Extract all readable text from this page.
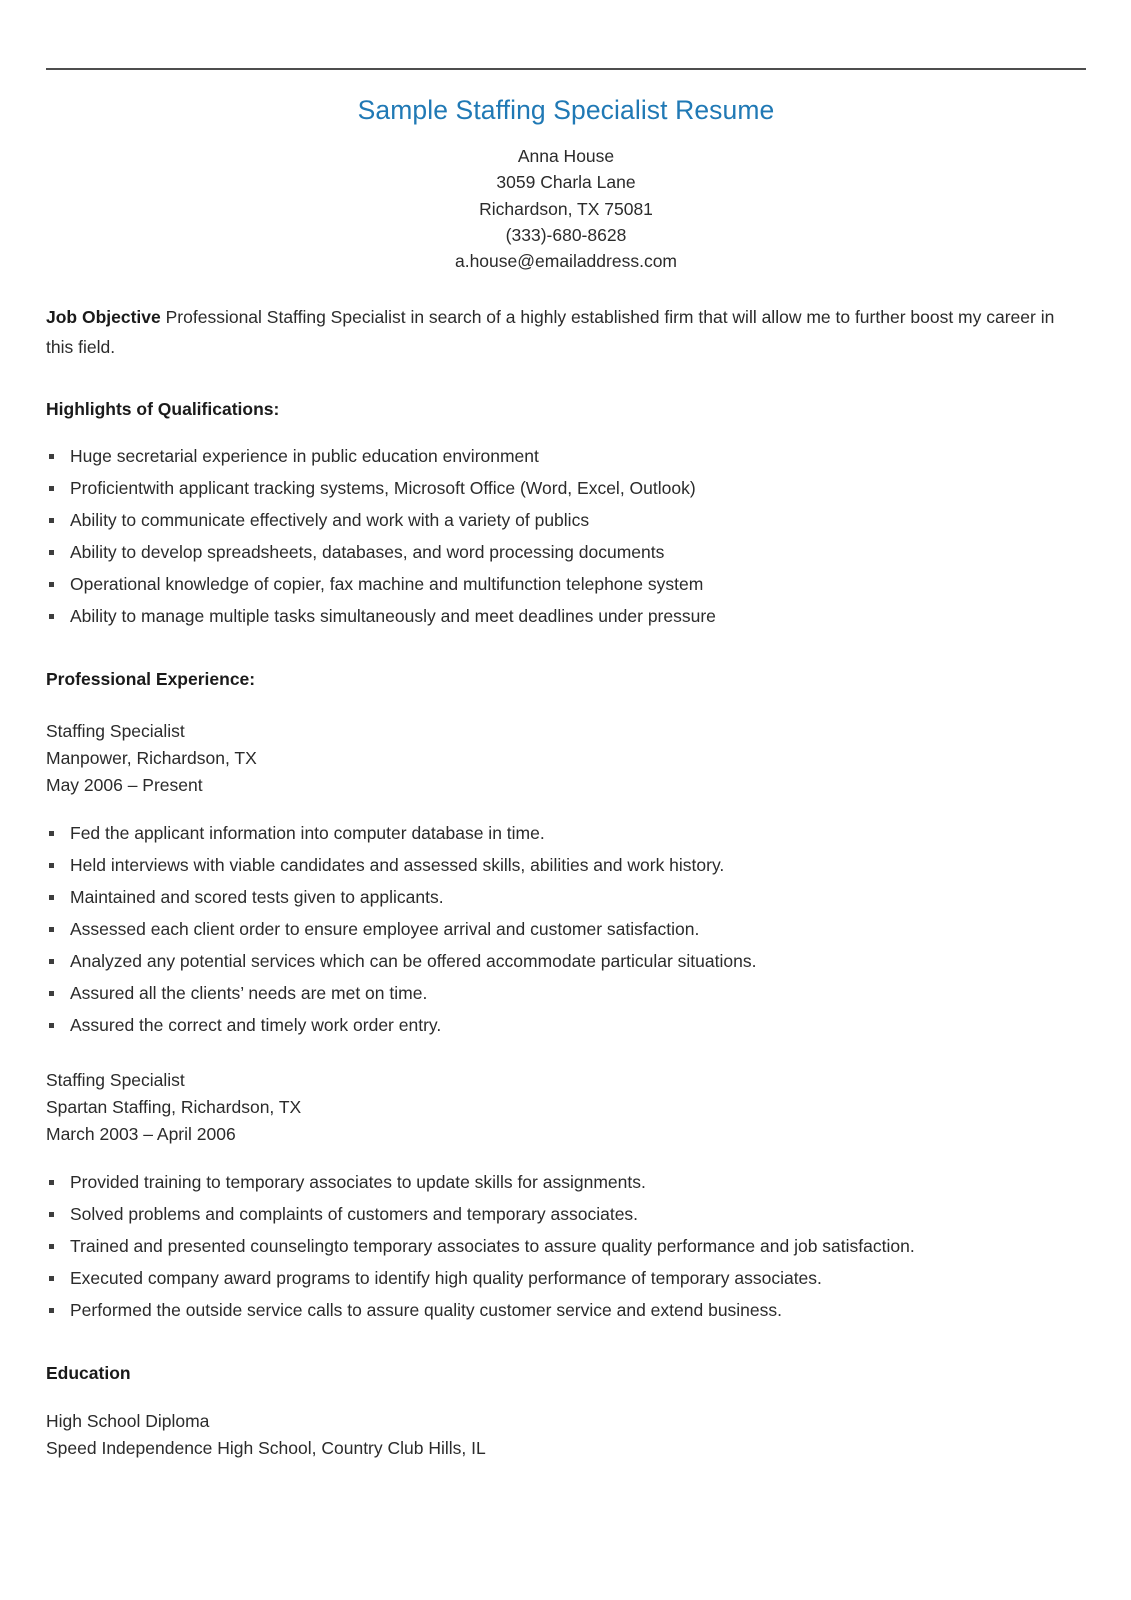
Sample Staffing Specialist Resume
Anna House
3059 Charla Lane
Richardson, TX 75081
(333)-680-8628
a.house@emailaddress.com

Job Objective Professional Staffing Specialist in search of a highly established firm that will allow me to further boost my career in this field.

Highlights of Qualifications:
Huge secretarial experience in public education environment
Proficientwith applicant tracking systems, Microsoft Office (Word, Excel, Outlook)
Ability to communicate effectively and work with a variety of publics
Ability to develop spreadsheets, databases, and word processing documents
Operational knowledge of copier, fax machine and multifunction telephone system
Ability to manage multiple tasks simultaneously and meet deadlines under pressure
Professional Experience:
Staffing Specialist
Manpower, Richardson, TX
May 2006 – Present
Fed the applicant information into computer database in time.
Held interviews with viable candidates and assessed skills, abilities and work history.
Maintained and scored tests given to applicants.
Assessed each client order to ensure employee arrival and customer satisfaction.
Analyzed any potential services which can be offered accommodate particular situations.
Assured all the clients’ needs are met on time.
Assured the correct and timely work order entry.
Staffing Specialist
Spartan Staffing, Richardson, TX
March 2003 – April 2006
Provided training to temporary associates to update skills for assignments.
Solved problems and complaints of customers and temporary associates.
Trained and presented counselingto temporary associates to assure quality performance and job satisfaction.
Executed company award programs to identify high quality performance of temporary associates.
Performed the outside service calls to assure quality customer service and extend business.
Education
High School Diploma
Speed Independence High School, Country Club Hills, IL
